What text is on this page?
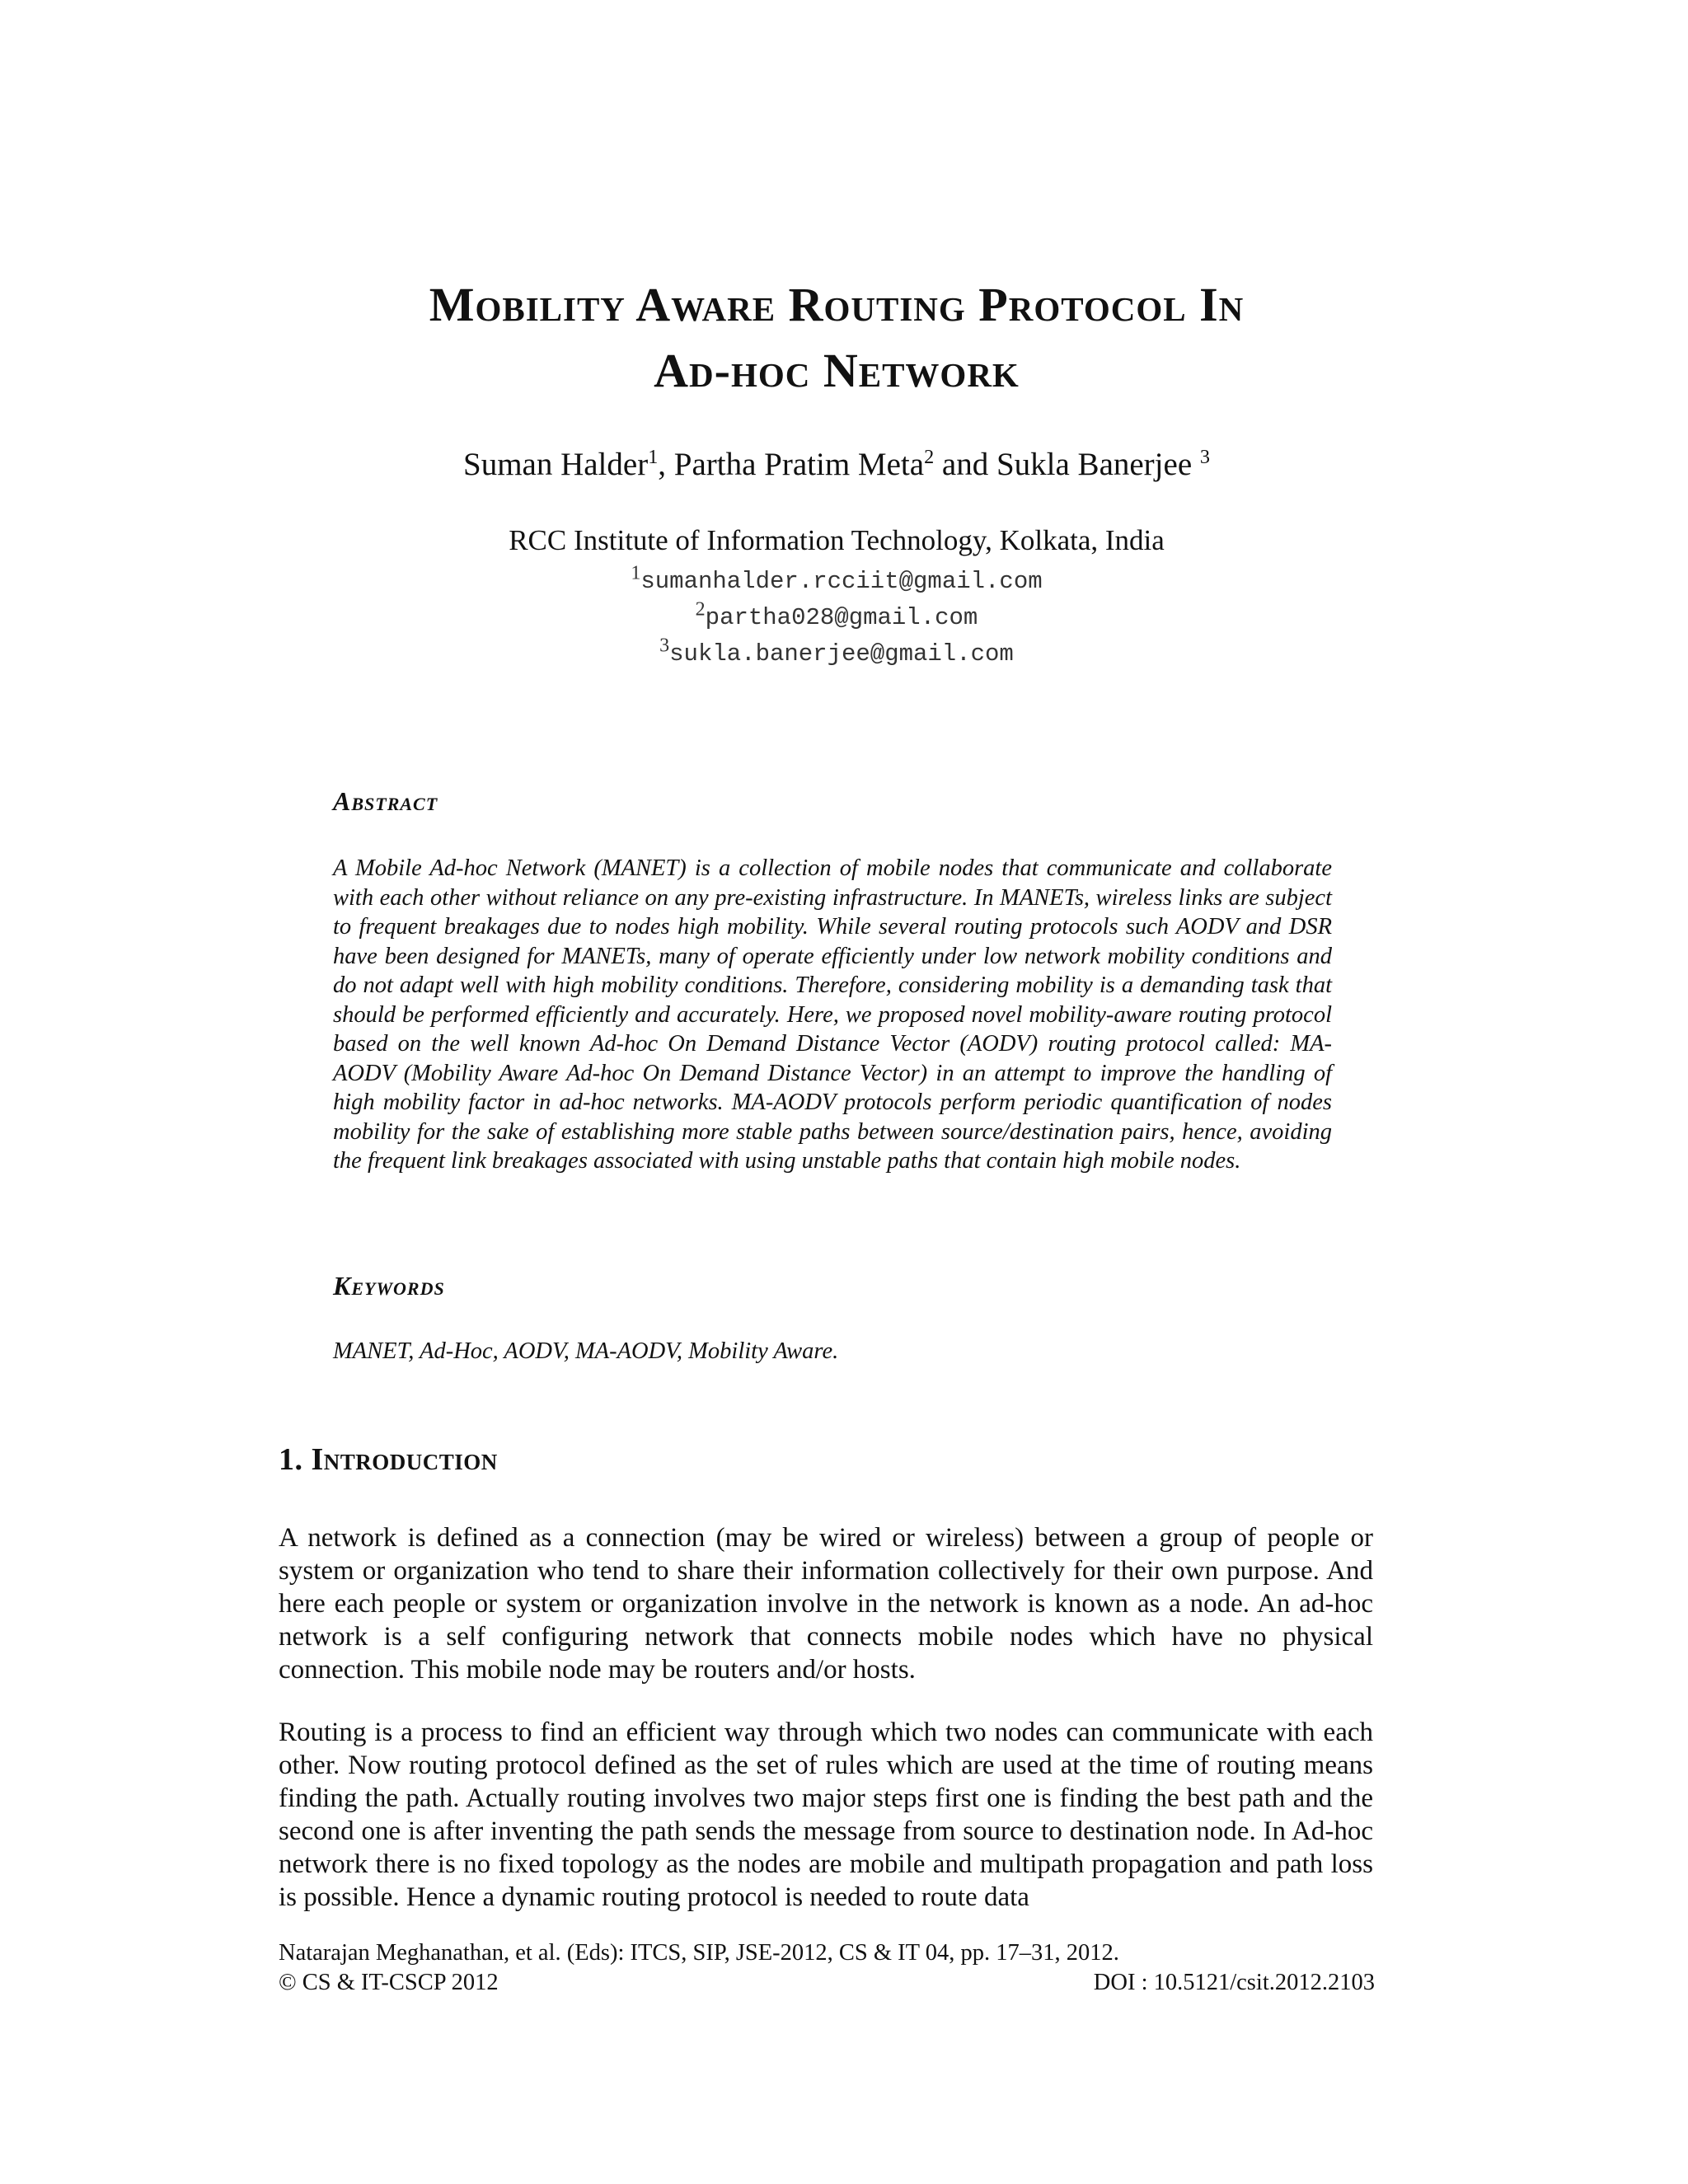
Mobility Aware Routing Protocol In
Ad-hoc Network
Suman Halder$^1$, Partha Pratim Meta$^2$ and Sukla Banerjee $^3$
RCC Institute of Information Technology, Kolkata, India
$^1$sumanhalder.rcciit@gmail.com
$^2$partha028@gmail.com
$^3$sukla.banerjee@gmail.com
Abstract

A Mobile Ad-hoc Network (MANET) is a collection of mobile nodes that communicate and collaborate with each other without reliance on any pre-existing infrastructure. In MANETs, wireless links are subject to frequent breakages due to nodes high mobility. While several routing protocols such AODV and DSR have been designed for MANETs, many of operate efficiently under low network mobility conditions and do not adapt well with high mobility conditions. Therefore, considering mobility is a demanding task that should be performed efficiently and accurately. Here, we proposed novel mobility-aware routing protocol based on the well known Ad-hoc On Demand Distance Vector (AODV) routing protocol called: MA-AODV (Mobility Aware Ad-hoc On Demand Distance Vector) in an attempt to improve the handling of high mobility factor in ad-hoc networks. MA-AODV protocols perform periodic quantification of nodes mobility for the sake of establishing more stable paths between source/destination pairs, hence, avoiding the frequent link breakages associated with using unstable paths that contain high mobile nodes.

Keywords

MANET, Ad-Hoc, AODV, MA-AODV, Mobility Aware.

1. Introduction

A network is defined as a connection (may be wired or wireless) between a group of people or system or organization who tend to share their information collectively for their own purpose. And here each people or system or organization involve in the network is known as a node. An ad-hoc network is a self configuring network that connects mobile nodes which have no physical connection. This mobile node may be routers and/or hosts.

Routing is a process to find an efficient way through which two nodes can communicate with each other. Now routing protocol defined as the set of rules which are used at the time of routing means finding the path. Actually routing involves two major steps first one is finding the best path and the second one is after inventing the path sends the message from source to destination node. In Ad-hoc network there is no fixed topology as the nodes are mobile and multipath propagation and path loss is possible. Hence a dynamic routing protocol is needed to route data

Natarajan Meghanathan, et al. (Eds): ITCS, SIP, JSE-2012, CS & IT 04, pp. 17–31, 2012.
© CS & IT-CSCP 2012	DOI : 10.5121/csit.2012.2103
